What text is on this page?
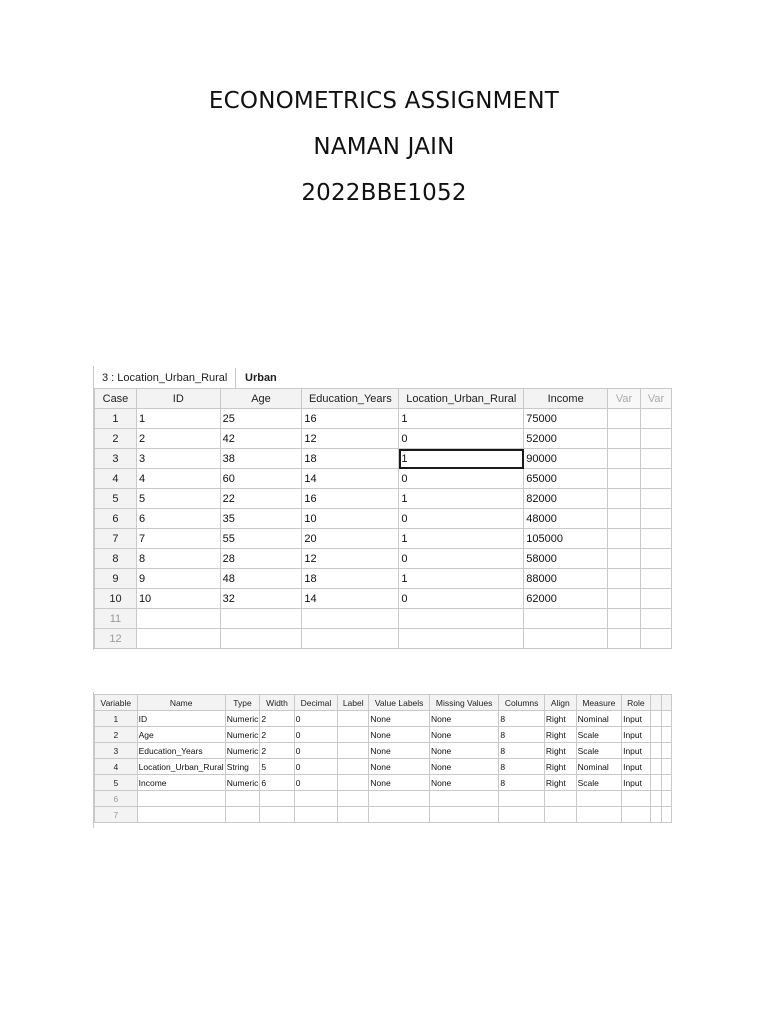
ECONOMETRICS ASSIGNMENT
NAMAN JAIN
2022BBE1052
3 : Location_Urban_Rural	Urban
Case	ID	Age	Education_Years	Location_Urban_Rural	Income	Var	Var
1	1	25	16	1	75000		
2	2	42	12	0	52000		
3	3	38	18	1	90000		
4	4	60	14	0	65000		
5	5	22	16	1	82000		
6	6	35	10	0	48000		
7	7	55	20	1	105000		
8	8	28	12	0	58000		
9	9	48	18	1	88000		
10	10	32	14	0	62000		
11							
12							
Variable	Name	Type	Width	Decimal	Label	Value Labels	Missing Values	Columns	Align	Measure	Role		
1	ID	Numeric	2	0		None	None	8	Right	Nominal	Input		
2	Age	Numeric	2	0		None	None	8	Right	Scale	Input		
3	Education_Years	Numeric	2	0		None	None	8	Right	Scale	Input		
4	Location_Urban_Rural	String	5	0		None	None	8	Right	Nominal	Input		
5	Income	Numeric	6	0		None	None	8	Right	Scale	Input		
6													
7													
